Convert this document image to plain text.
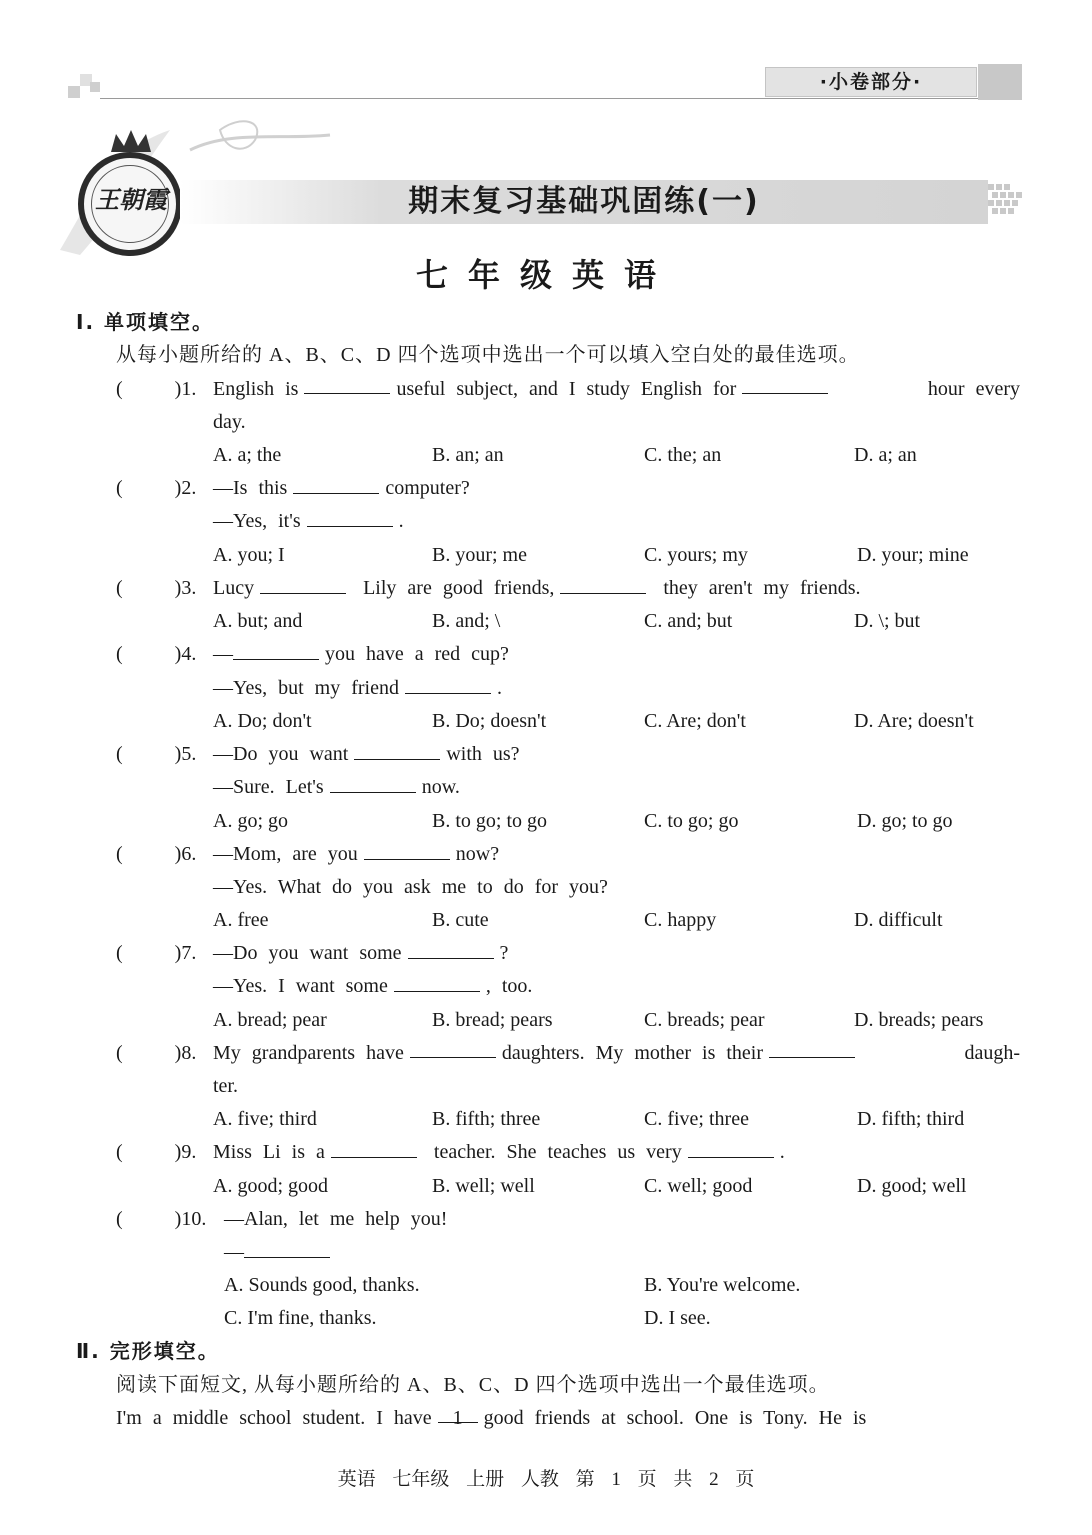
·小卷部分·
王朝霞	期末复习基础巩固练(一)
七年级英语
Ⅰ. 单项填空。
从每小题所给的 A、B、C、D 四个选项中选出一个可以填入空白处的最佳选项。
(	)1. English is	useful subject, and I study English for	hour every
day.
A. a; the	B. an; an	C. the; an	D. a; an
(	)2. —Is this	computer?
—Yes, it's	.
A. you; I	B. your; me	C. yours; my	D. your; mine
(	)3. Lucy	Lily are good friends,	they aren't my friends.
A. but; and	B. and; \	C. and; but	D. \; but
(	)4. —	you have a red cup?
—Yes, but my friend	.
A. Do; don't	B. Do; doesn't	C. Are; don't	D. Are; doesn't
(	)5. —Do you want	with us?
—Sure. Let's	now.
A. go; go	B. to go; to go	C. to go; go	D. go; to go
(	)6. —Mom, are you	now?
—Yes. What do you ask me to do for you?
A. free	B. cute	C. happy	D. difficult
(	)7. —Do you want some	?
—Yes. I want some	, too.
A. bread; pear	B. bread; pears	C. breads; pear	D. breads; pears
(	)8. My grandparents have	daughters. My mother is their	daugh-
ter.
A. five; third	B. fifth; three	C. five; three	D. fifth; third
(	)9. Miss Li is a	teacher. She teaches us very	.
A. good; good	B. well; well	C. well; good	D. good; well
(	)10. —Alan, let me help you!
—
A. Sounds good, thanks.	B. You're welcome.
C. I'm fine, thanks.	D. I see.
Ⅱ. 完形填空。
阅读下面短文, 从每小题所给的 A、B、C、D 四个选项中选出一个最佳选项。
I'm a middle school student. I have 1 good friends at school. One is Tony. He is
英语 七年级 上册 人教 第 1 页 共 2 页
